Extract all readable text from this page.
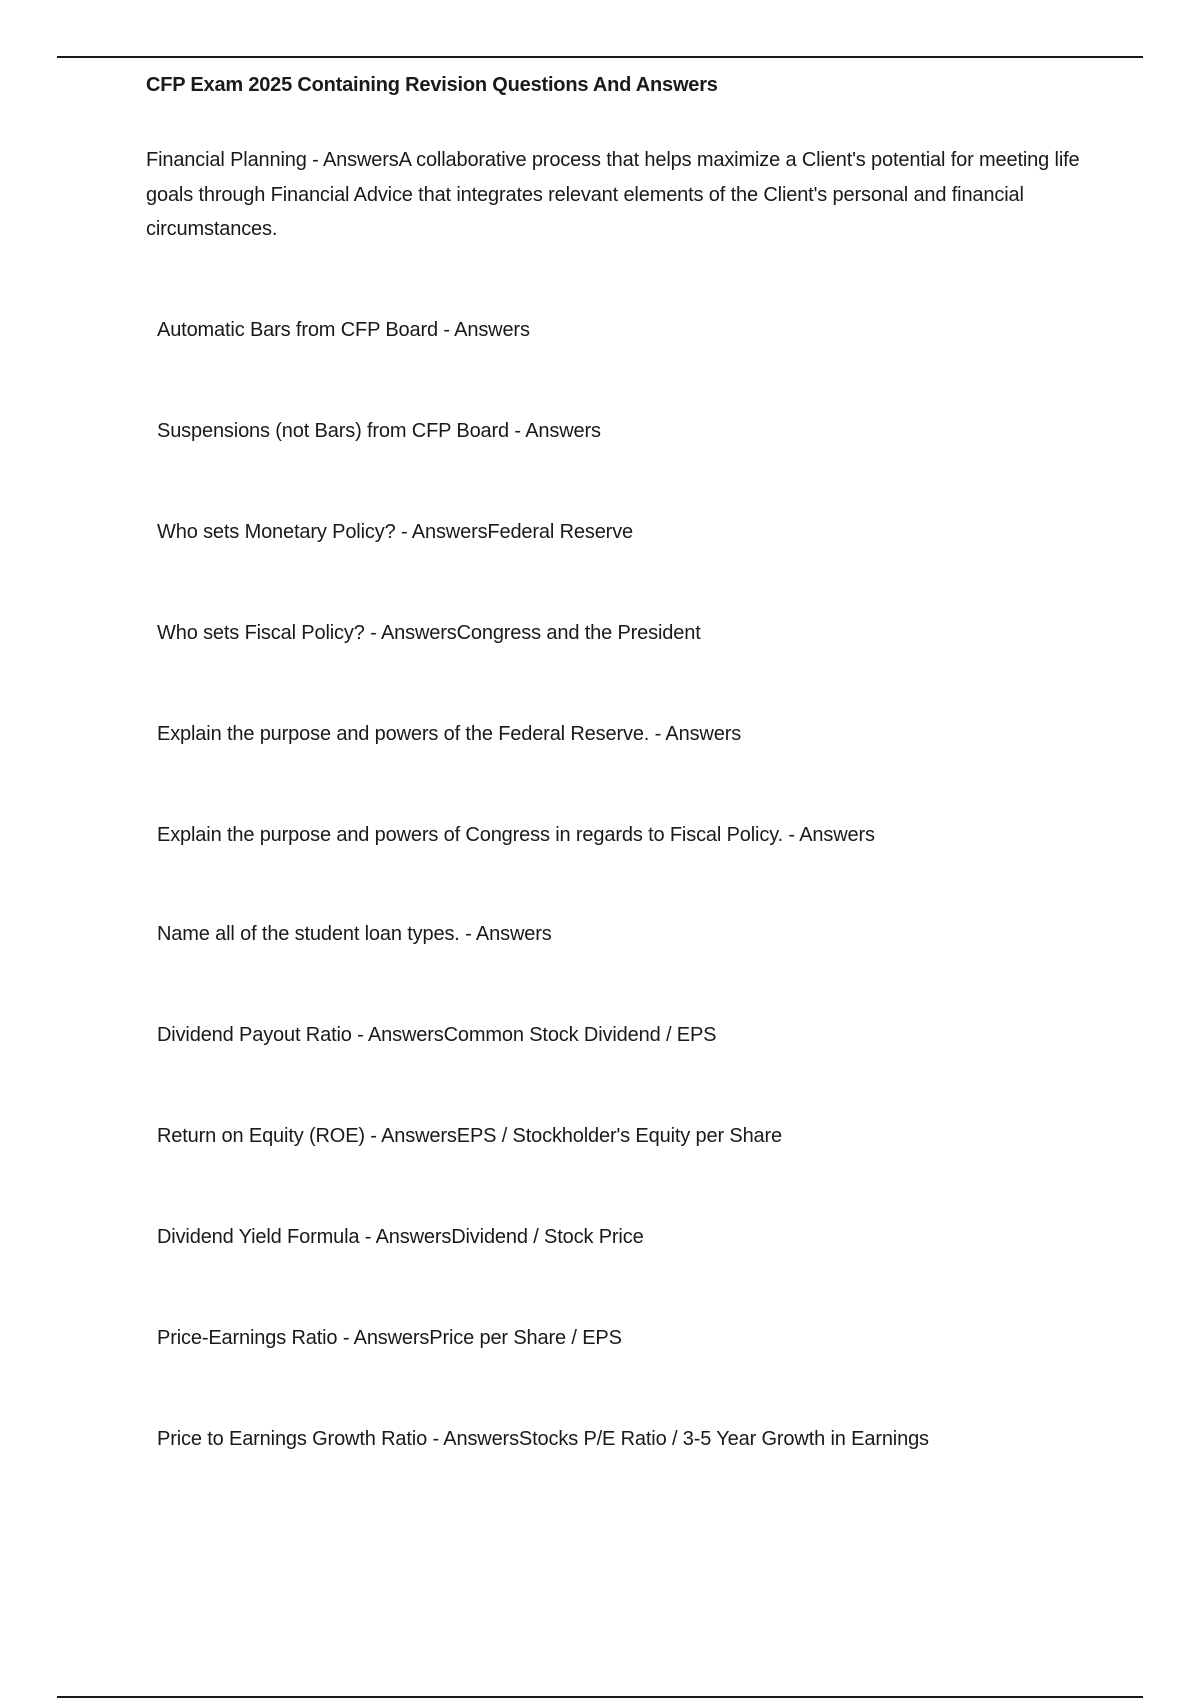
CFP Exam 2025 Containing Revision Questions And Answers

Financial Planning - AnswersA collaborative process that helps maximize a Client's potential for meeting life goals through Financial Advice that integrates relevant elements of the Client's personal and financial circumstances.

Automatic Bars from CFP Board - Answers
Suspensions (not Bars) from CFP Board - Answers
Who sets Monetary Policy? - AnswersFederal Reserve
Who sets Fiscal Policy? - AnswersCongress and the President
Explain the purpose and powers of the Federal Reserve. - Answers
Explain the purpose and powers of Congress in regards to Fiscal Policy. - Answers
Name all of the student loan types. - Answers
Dividend Payout Ratio - AnswersCommon Stock Dividend / EPS
Return on Equity (ROE) - AnswersEPS / Stockholder's Equity per Share
Dividend Yield Formula - AnswersDividend / Stock Price
Price-Earnings Ratio - AnswersPrice per Share / EPS
Price to Earnings Growth Ratio - AnswersStocks P/E Ratio / 3-5 Year Growth in Earnings
